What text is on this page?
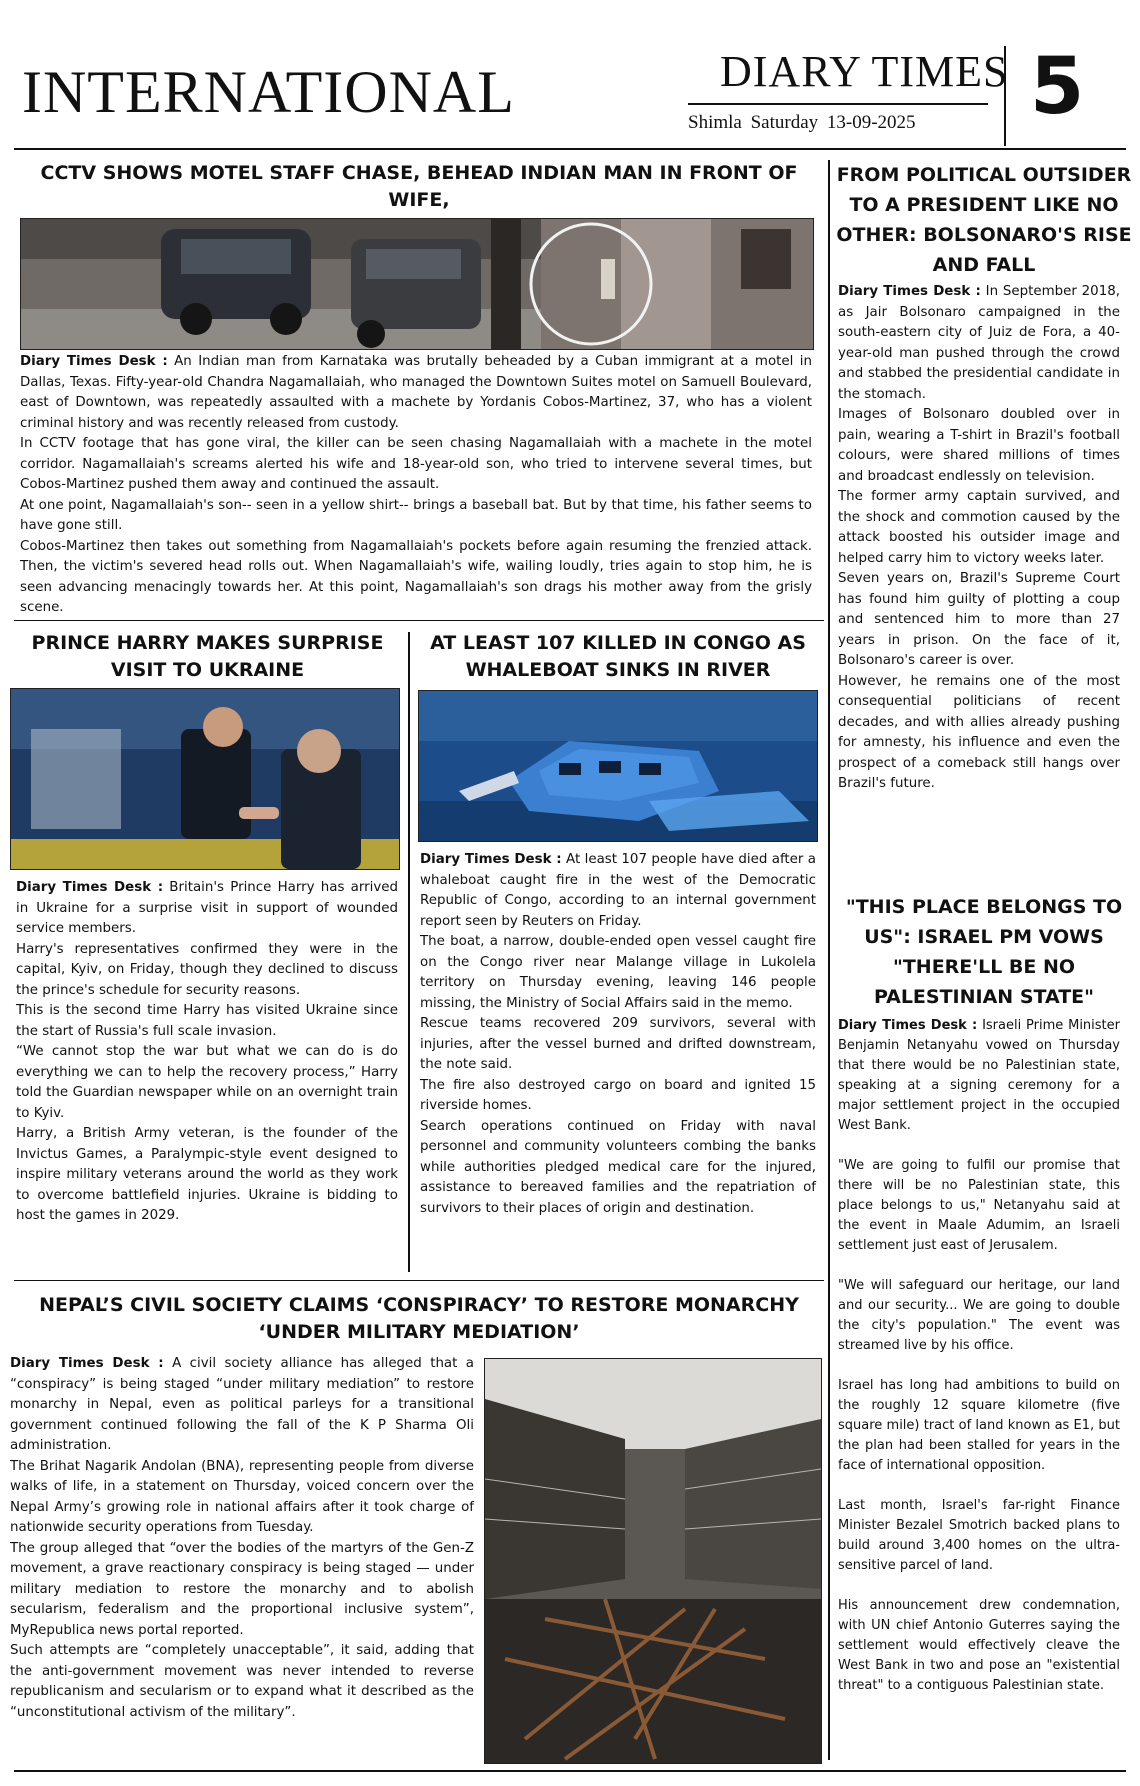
INTERNATIONAL	DIARY TIMES
Shimla Saturday 13-09-2025 5
CCTV SHOWS MOTEL STAFF CHASE, BEHEAD INDIAN MAN IN FRONT OF WIFE,

Diary Times Desk : An Indian man from Karnataka was brutally beheaded by a Cuban immigrant at a motel in Dallas, Texas. Fifty-year-old Chandra Nagamallaiah, who managed the Downtown Suites motel on Samuell Boulevard, east of Downtown, was repeatedly assaulted with a machete by Yordanis Cobos-Martinez, 37, who has a violent criminal history and was recently released from custody.

In CCTV footage that has gone viral, the killer can be seen chasing Nagamallaiah with a machete in the motel corridor. Nagamallaiah's screams alerted his wife and 18-year-old son, who tried to intervene several times, but Cobos-Martinez pushed them away and continued the assault.

At one point, Nagamallaiah's son-- seen in a yellow shirt-- brings a baseball bat. But by that time, his father seems to have gone still.

Cobos-Martinez then takes out something from Nagamallaiah's pockets before again resuming the frenzied attack. Then, the victim's severed head rolls out. When Nagamallaiah's wife, wailing loudly, tries again to stop him, he is seen advancing menacingly towards her. At this point, Nagamallaiah's son drags his mother away from the grisly scene.

PRINCE HARRY MAKES SURPRISE
VISIT TO UKRAINE

Diary Times Desk : Britain's Prince Harry has arrived in Ukraine for a surprise visit in support of wounded service members.

Harry's representatives confirmed they were in the capital, Kyiv, on Friday, though they declined to discuss the prince's schedule for security reasons.

This is the second time Harry has visited Ukraine since the start of Russia's full scale invasion.

“We cannot stop the war but what we can do is do everything we can to help the recovery process,” Harry told the Guardian newspaper while on an overnight train to Kyiv.

Harry, a British Army veteran, is the founder of the Invictus Games, a Paralympic-style event designed to inspire military veterans around the world as they work to overcome battlefield injuries. Ukraine is bidding to host the games in 2029.

AT LEAST 107 KILLED IN CONGO AS
WHALEBOAT SINKS IN RIVER

Diary Times Desk : At least 107 people have died after a whaleboat caught fire in the west of the Democratic Republic of Congo, according to an internal government report seen by Reuters on Friday.

The boat, a narrow, double-ended open vessel caught fire on the Congo river near Malange village in Lukolela territory on Thursday evening, leaving 146 people missing, the Ministry of Social Affairs said in the memo.

Rescue teams recovered 209 survivors, several with injuries, after the vessel burned and drifted downstream, the note said.

The fire also destroyed cargo on board and ignited 15 riverside homes.

Search operations continued on Friday with naval personnel and community volunteers combing the banks while authorities pledged medical care for the injured, assistance to bereaved families and the repatriation of survivors to their places of origin and destination.

NEPAL’S CIVIL SOCIETY CLAIMS ‘CONSPIRACY’ TO RESTORE MONARCHY
‘UNDER MILITARY MEDIATION’

Diary Times Desk : A civil society alliance has alleged that a “conspiracy” is being staged “under military mediation” to restore monarchy in Nepal, even as political parleys for a transitional government continued following the fall of the K P Sharma Oli administration.

The Brihat Nagarik Andolan (BNA), representing people from diverse walks of life, in a statement on Thursday, voiced concern over the Nepal Army’s growing role in national affairs after it took charge of nationwide security operations from Tuesday.

The group alleged that “over the bodies of the martyrs of the Gen-Z movement, a grave reactionary conspiracy is being staged — under military mediation to restore the monarchy and to abolish secularism, federalism and the proportional inclusive system”, MyRepublica news portal reported.

Such attempts are “completely unacceptable”, it said, adding that the anti-government movement was never intended to reverse republicanism and secularism or to expand what it described as the “unconstitutional activism of the military”.

FROM POLITICAL OUTSIDER
TO A PRESIDENT LIKE NO
OTHER: BOLSONARO'S RISE
AND FALL

Diary Times Desk : In September 2018, as Jair Bolsonaro campaigned in the south-eastern city of Juiz de Fora, a 40-year-old man pushed through the crowd and stabbed the presidential candidate in the stomach.

Images of Bolsonaro doubled over in pain, wearing a T-shirt in Brazil's football colours, were shared millions of times and broadcast endlessly on television.

The former army captain survived, and the shock and commotion caused by the attack boosted his outsider image and helped carry him to victory weeks later.

Seven years on, Brazil's Supreme Court has found him guilty of plotting a coup and sentenced him to more than 27 years in prison. On the face of it, Bolsonaro's career is over.

However, he remains one of the most consequential politicians of recent decades, and with allies already pushing for amnesty, his influence and even the prospect of a comeback still hangs over Brazil's future.

"THIS PLACE BELONGS TO
US": ISRAEL PM VOWS
"THERE'LL BE NO
PALESTINIAN STATE"

Diary Times Desk : Israeli Prime Minister Benjamin Netanyahu vowed on Thursday that there would be no Palestinian state, speaking at a signing ceremony for a major settlement project in the occupied West Bank.

"We are going to fulfil our promise that there will be no Palestinian state, this place belongs to us," Netanyahu said at the event in Maale Adumim, an Israeli settlement just east of Jerusalem.

"We will safeguard our heritage, our land and our security... We are going to double the city's population." The event was streamed live by his office.

Israel has long had ambitions to build on the roughly 12 square kilometre (five square mile) tract of land known as E1, but the plan had been stalled for years in the face of international opposition.

Last month, Israel's far-right Finance Minister Bezalel Smotrich backed plans to build around 3,400 homes on the ultra-sensitive parcel of land.

His announcement drew condemnation, with UN chief Antonio Guterres saying the settlement would effectively cleave the West Bank in two and pose an "existential threat" to a contiguous Palestinian state.
